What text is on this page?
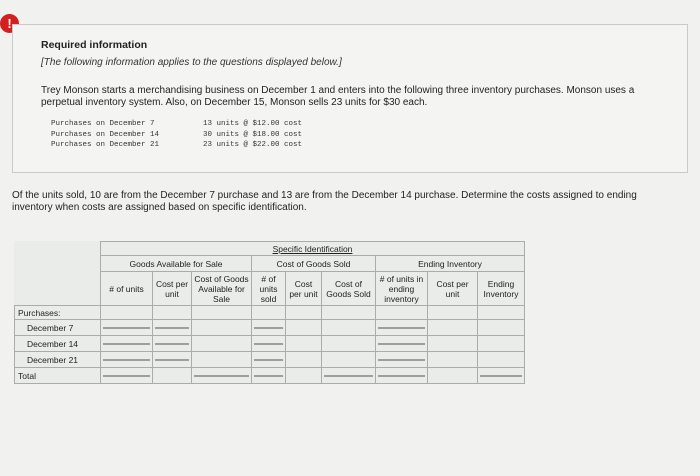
!
Required information
[The following information applies to the questions displayed below.]
Trey Monson starts a merchandising business on December 1 and enters into the following three inventory purchases. Monson uses a perpetual inventory system. Also, on December 15, Monson sells 23 units for $30 each.
Purchases on December 7	13 units @ $12.00 cost
Purchases on December 14	30 units @ $18.00 cost
Purchases on December 21	23 units @ $22.00 cost
Of the units sold, 10 are from the December 7 purchase and 13 are from the December 14 purchase. Determine the costs assigned to ending inventory when costs are assigned based on specific identification.
	Specific Identification								
	Goods Available for Sale			Cost of Goods Sold			Ending Inventory		
	# of units	Cost per unit	Cost of Goods Available for Sale	# of units sold	Cost per unit	Cost of Goods Sold	# of units in ending inventory	Cost per unit	Ending Inventory
Purchases:									
December 7	

December 14	

December 21	

Total	
